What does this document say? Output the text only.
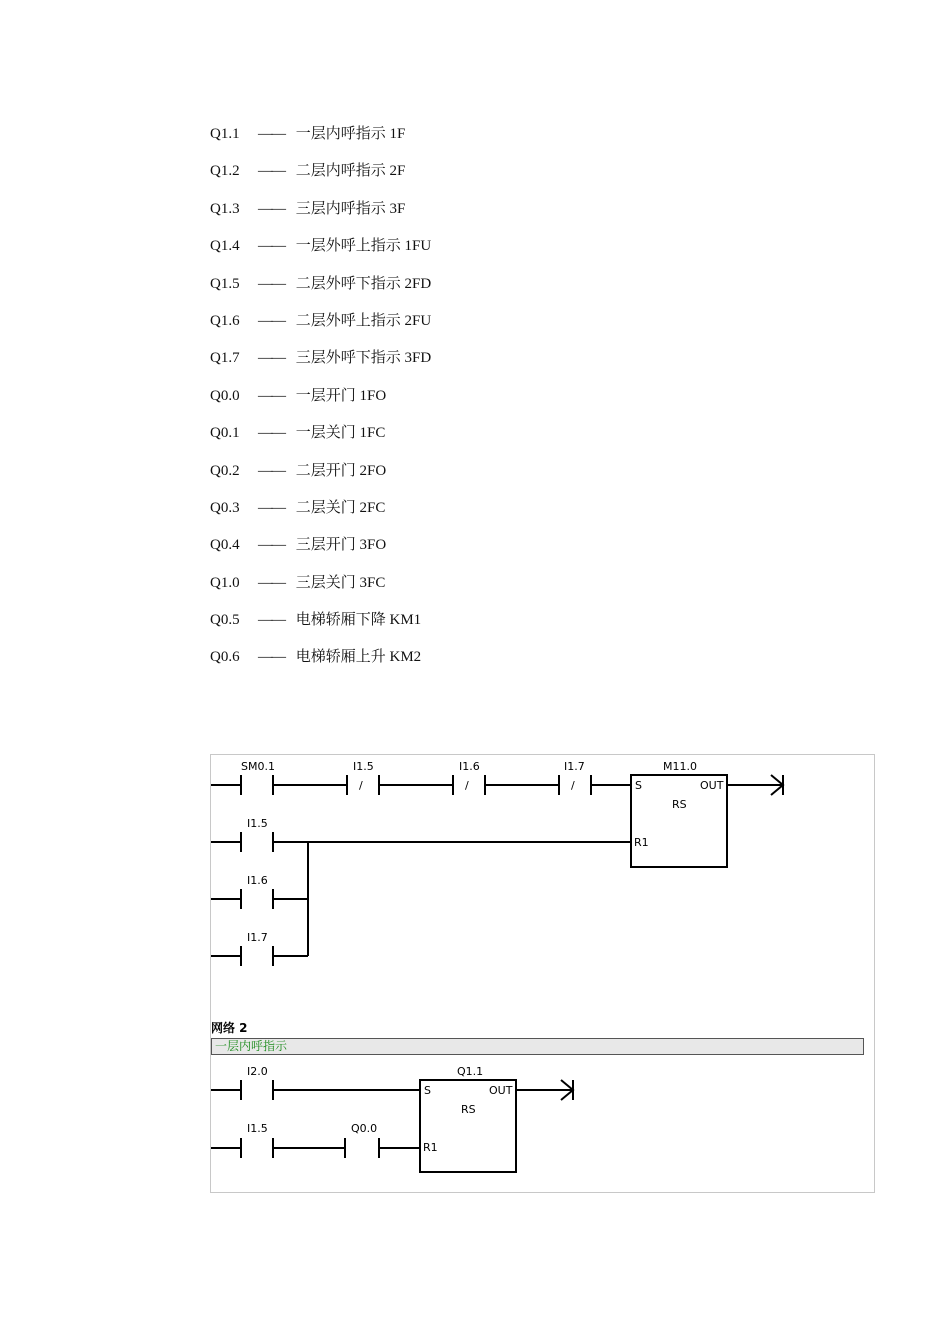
Q1.1 —— 一层内呼指示 1F
Q1.2 —— 二层内呼指示 2F
Q1.3 —— 三层内呼指示 3F
Q1.4 —— 一层外呼上指示 1FU
Q1.5 —— 二层外呼下指示 2FD
Q1.6 —— 二层外呼上指示 2FU
Q1.7 —— 三层外呼下指示 3FD
Q0.0 —— 一层开门 1FO
Q0.1 —— 一层关门 1FC
Q0.2 —— 二层开门 2FO
Q0.3 —— 二层关门 2FC
Q0.4 —— 三层开门 3FO
Q1.0 —— 三层关门 3FC
Q0.5 —— 电梯轿厢下降 KM1
Q0.6 —— 电梯轿厢上升 KM2
SM0.1	I1.5
/
I1.6
/
I1.7
/
M11.0
S	OUT
RS
R1
I1.5
I1.6
I1.7
I2.0
I1.5	Q0.0
Q1.1
S	OUT
RS
R1
网络 2
一层内呼指示
